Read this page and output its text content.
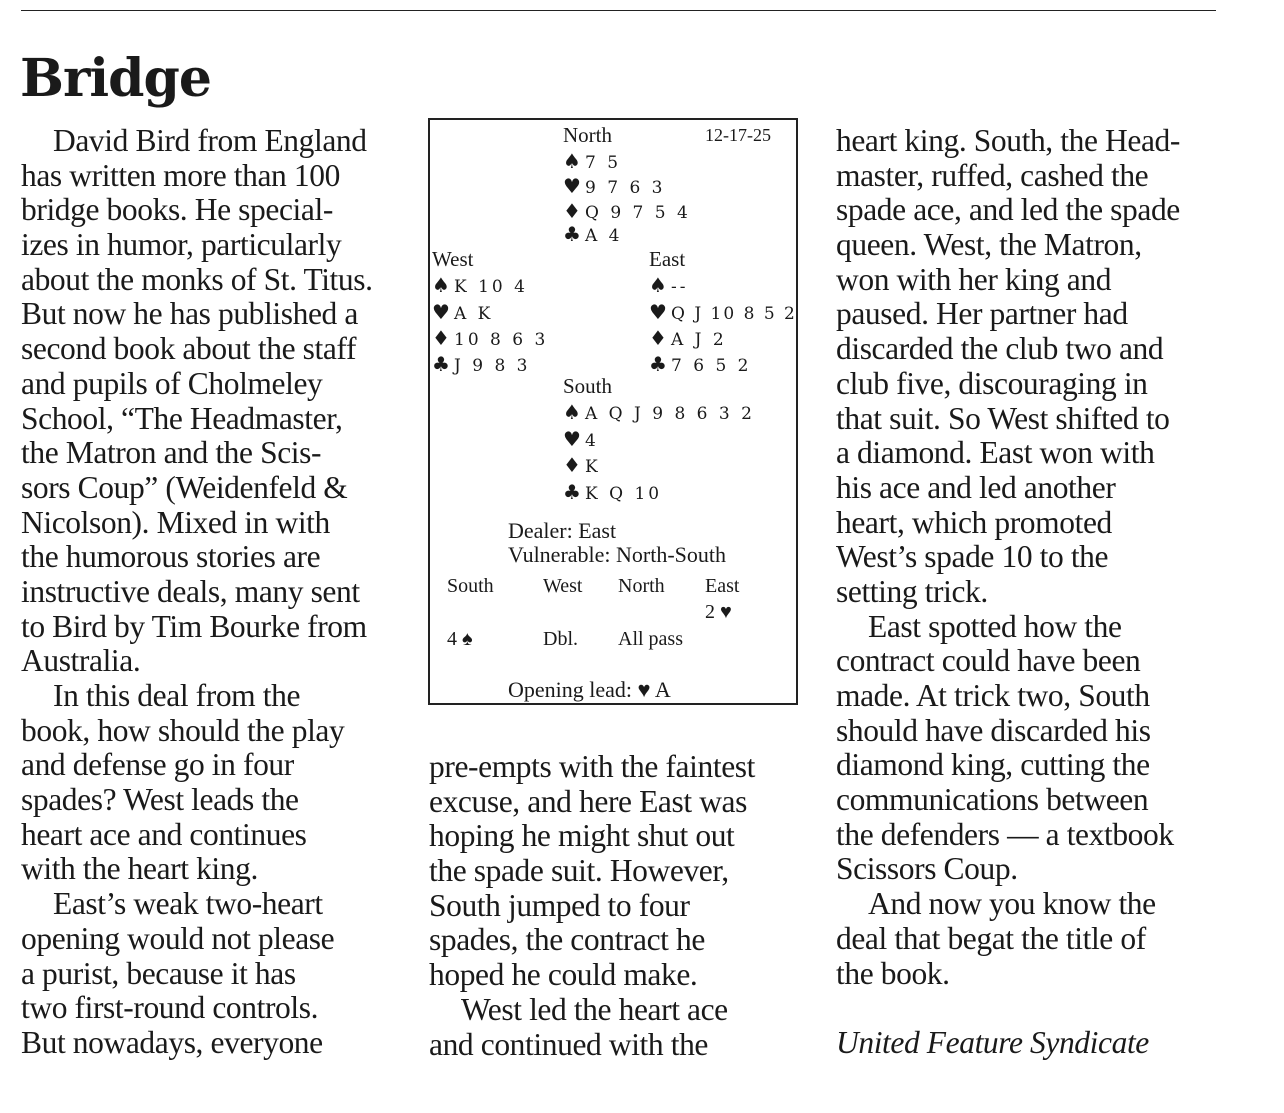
Bridge
David Bird from England
has written more than 100
bridge books. He special-
izes in humor, particularly
about the monks of St. Titus.
But now he has published a
second book about the staff
and pupils of Cholmeley
School, “The Headmaster,
the Matron and the Scis-
sors Coup” (Weidenfeld &
Nicolson). Mixed in with
the humorous stories are
instructive deals, many sent
to Bird by Tim Bourke from
Australia.
In this deal from the
book, how should the play
and defense go in four
spades? West leads the
heart ace and continues
with the heart king.
East’s weak two-heart
opening would not please
a purist, because it has
two first-round controls.
But nowadays, everyone
North	12-17-25
♠ 7 5
♥ 9 7 6 3
♦ Q 9 7 5 4
♣ A 4
West
♠ K 10 4
♥ A K
♦ 10 8 6 3
♣ J 9 8 3
East
♠ --
♥ Q J 10 8 5 2
♦ A J 2
♣ 7 6 5 2
South
♠ A Q J 9 8 6 3 2
♥ 4
♦ K
♣ K Q 10
Dealer: East
Vulnerable: North-South
South West North East
2 ♥
4 ♠	Dbl. All pass
Opening lead: ♥ A
pre-empts with the faintest
excuse, and here East was
hoping he might shut out
the spade suit. However,
South jumped to four
spades, the contract he
hoped he could make.
West led the heart ace
and continued with the
heart king. South, the Head-
master, ruffed, cashed the
spade ace, and led the spade
queen. West, the Matron,
won with her king and
paused. Her partner had
discarded the club two and
club five, discouraging in
that suit. So West shifted to
a diamond. East won with
his ace and led another
heart, which promoted
West’s spade 10 to the
setting trick.
East spotted how the
contract could have been
made. At trick two, South
should have discarded his
diamond king, cutting the
communications between
the defenders — a textbook
Scissors Coup.
And now you know the
deal that begat the title of
the book.
United Feature Syndicate
